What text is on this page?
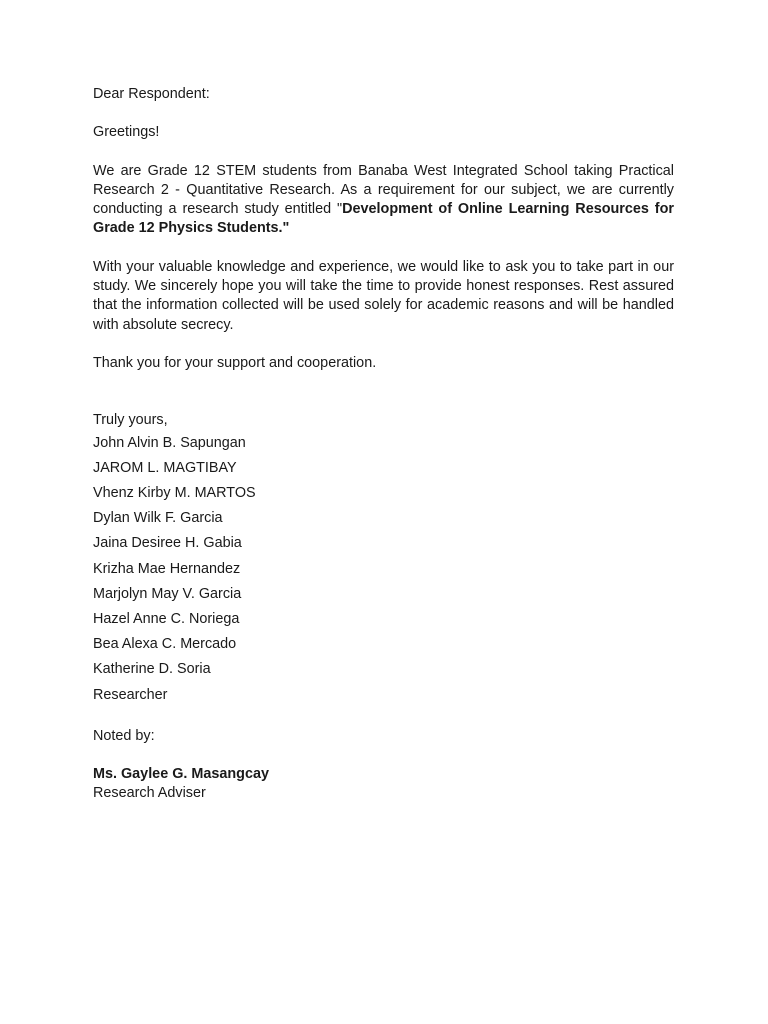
Dear Respondent:
Greetings!
We are Grade 12 STEM students from Banaba West Integrated School taking Practical Research 2 - Quantitative Research. As a requirement for our subject, we are currently conducting a research study entitled "Development of Online Learning Resources for Grade 12 Physics Students."
With your valuable knowledge and experience, we would like to ask you to take part in our study. We sincerely hope you will take the time to provide honest responses. Rest assured that the information collected will be used solely for academic reasons and will be handled with absolute secrecy.
Thank you for your support and cooperation.
Truly yours,
John Alvin B. Sapungan
JAROM L. MAGTIBAY
Vhenz Kirby M. MARTOS
Dylan Wilk F. Garcia
Jaina Desiree H. Gabia
Krizha Mae Hernandez
Marjolyn May V. Garcia
Hazel Anne C. Noriega
Bea Alexa C. Mercado
Katherine D. Soria
Researcher
Noted by:
Ms. Gaylee G. Masangcay
Research Adviser
